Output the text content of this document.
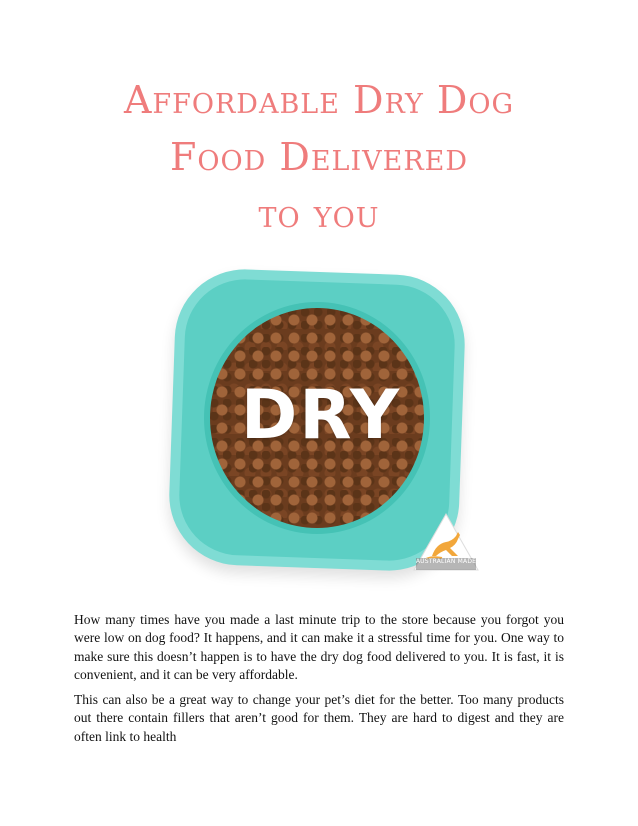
Affordable Dry Dog
Food Delivered
to you
DRY
AUSTRALIAN MADE

How many times have you made a last minute trip to the store because you forgot you were low on dog food? It happens, and it can make it a stressful time for you. One way to make sure this doesn’t happen is to have the dry dog food delivered to you. It is fast, it is convenient, and it can be very affordable.

This can also be a great way to change your pet’s diet for the better. Too many products out there contain fillers that aren’t good for them. They are hard to digest and they are often link to health
